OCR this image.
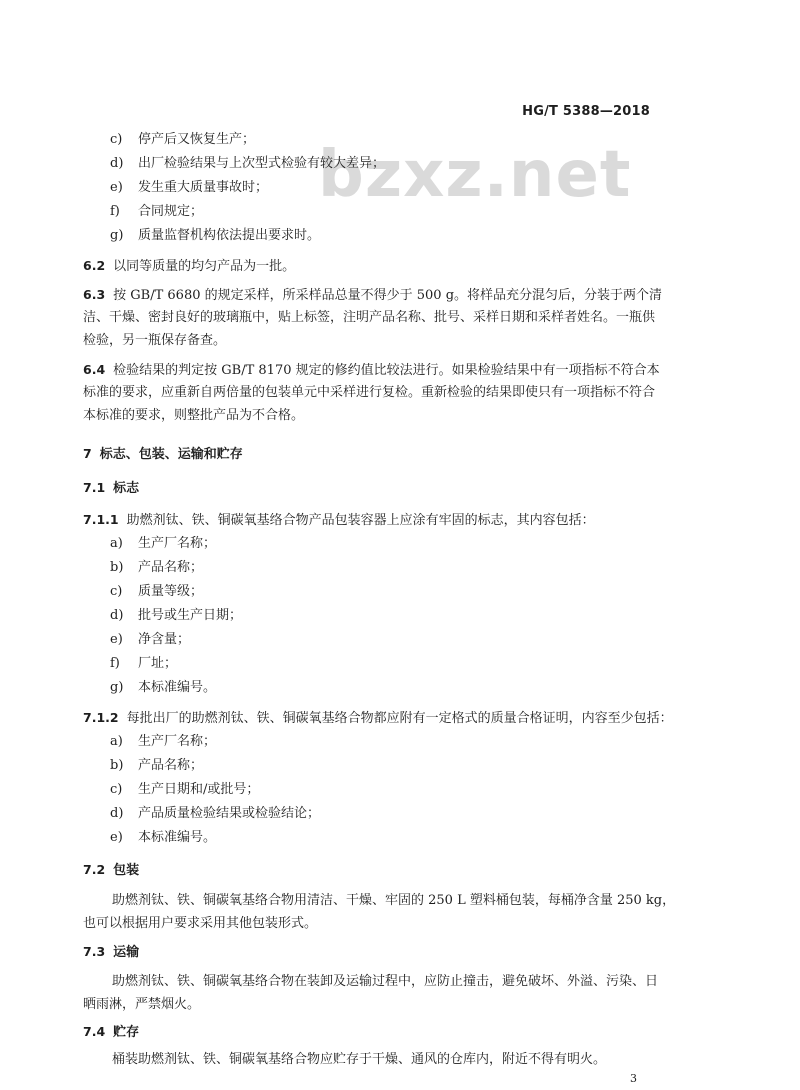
HG/T 5388—2018
bzxz.net
c) 停产后又恢复生产；
d) 出厂检验结果与上次型式检验有较大差异；
e) 发生重大质量事故时；
f) 合同规定；
g) 质量监督机构依法提出要求时。
6.2 以同等质量的均匀产品为一批。
6.3 按 GB/T 6680 的规定采样，所采样品总量不得少于 500 g。将样品充分混匀后，分装于两个清
洁、干燥、密封良好的玻璃瓶中，贴上标签，注明产品名称、批号、采样日期和采样者姓名。一瓶供
检验，另一瓶保存备查。
6.4 检验结果的判定按 GB/T 8170 规定的修约值比较法进行。如果检验结果中有一项指标不符合本
标准的要求，应重新自两倍量的包装单元中采样进行复检。重新检验的结果即使只有一项指标不符合
本标准的要求，则整批产品为不合格。
7 标志、包装、运输和贮存
7.1 标志
7.1.1 助燃剂钛、铁、铜碳氧基络合物产品包装容器上应涂有牢固的标志，其内容包括：
a) 生产厂名称；
b) 产品名称；
c) 质量等级；
d) 批号或生产日期；
e) 净含量；
f) 厂址；
g) 本标准编号。
7.1.2 每批出厂的助燃剂钛、铁、铜碳氧基络合物都应附有一定格式的质量合格证明，内容至少包括：
a) 生产厂名称；
b) 产品名称；
c) 生产日期和/或批号；
d) 产品质量检验结果或检验结论；
e) 本标准编号。
7.2 包装
助燃剂钛、铁、铜碳氧基络合物用清洁、干燥、牢固的 250 L 塑料桶包装，每桶净含量 250 kg，
也可以根据用户要求采用其他包装形式。
7.3 运输
助燃剂钛、铁、铜碳氧基络合物在装卸及运输过程中，应防止撞击，避免破坏、外溢、污染、日
晒雨淋，严禁烟火。
7.4 贮存
桶装助燃剂钛、铁、铜碳氧基络合物应贮存于干燥、通风的仓库内，附近不得有明火。
3
